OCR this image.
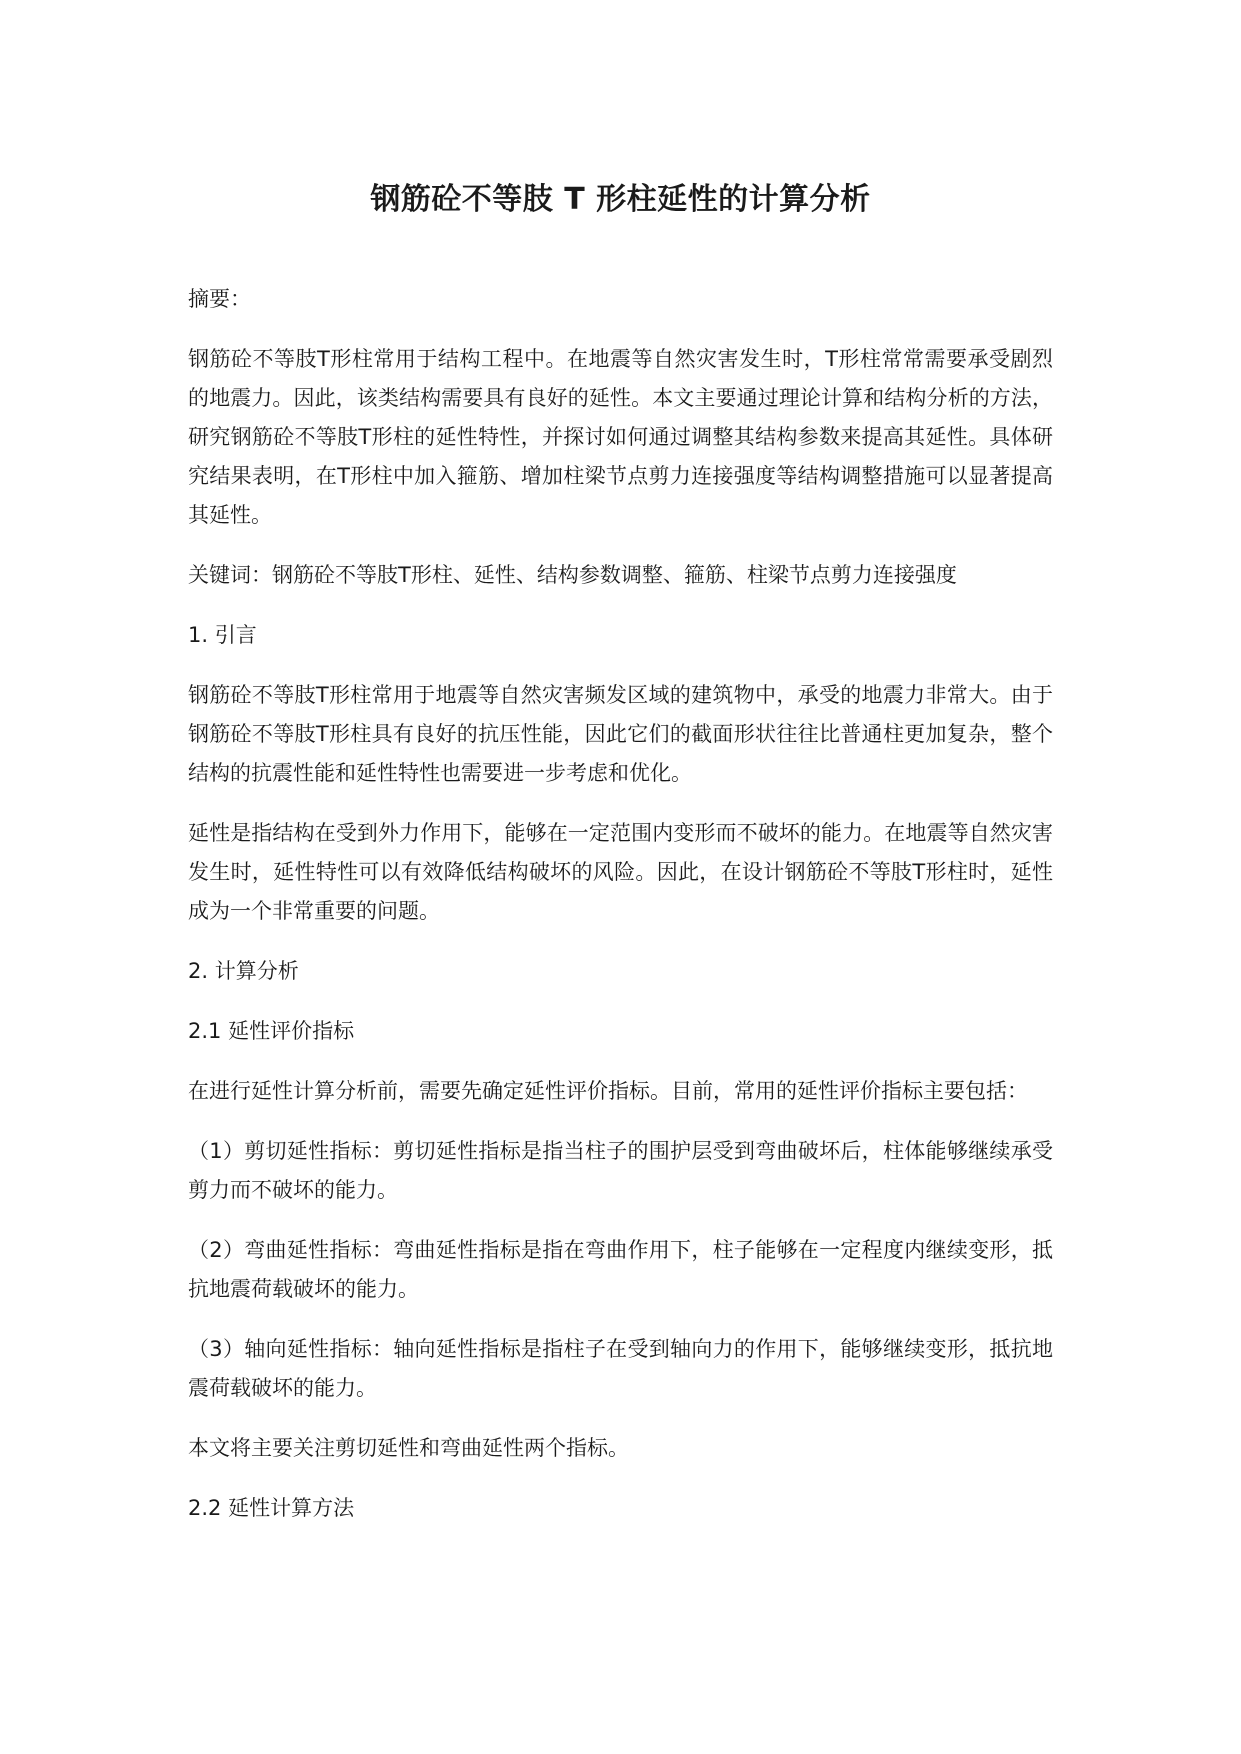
钢筋砼不等肢 T 形柱延性的计算分析

摘要：

钢筋砼不等肢T形柱常用于结构工程中。在地震等自然灾害发生时，T形柱常常需要承受剧烈的地震力。因此，该类结构需要具有良好的延性。本文主要通过理论计算和结构分析的方法，研究钢筋砼不等肢T形柱的延性特性，并探讨如何通过调整其结构参数来提高其延性。具体研究结果表明，在T形柱中加入箍筋、增加柱梁节点剪力连接强度等结构调整措施可以显著提高其延性。

关键词：钢筋砼不等肢T形柱、延性、结构参数调整、箍筋、柱梁节点剪力连接强度

1. 引言

钢筋砼不等肢T形柱常用于地震等自然灾害频发区域的建筑物中，承受的地震力非常大。由于钢筋砼不等肢T形柱具有良好的抗压性能，因此它们的截面形状往往比普通柱更加复杂，整个结构的抗震性能和延性特性也需要进一步考虑和优化。

延性是指结构在受到外力作用下，能够在一定范围内变形而不破坏的能力。在地震等自然灾害发生时，延性特性可以有效降低结构破坏的风险。因此，在设计钢筋砼不等肢T形柱时，延性成为一个非常重要的问题。

2. 计算分析

2.1 延性评价指标

在进行延性计算分析前，需要先确定延性评价指标。目前，常用的延性评价指标主要包括：

（1）剪切延性指标：剪切延性指标是指当柱子的围护层受到弯曲破坏后，柱体能够继续承受剪力而不破坏的能力。

（2）弯曲延性指标：弯曲延性指标是指在弯曲作用下，柱子能够在一定程度内继续变形，抵抗地震荷载破坏的能力。

（3）轴向延性指标：轴向延性指标是指柱子在受到轴向力的作用下，能够继续变形，抵抗地震荷载破坏的能力。

本文将主要关注剪切延性和弯曲延性两个指标。

2.2 延性计算方法
